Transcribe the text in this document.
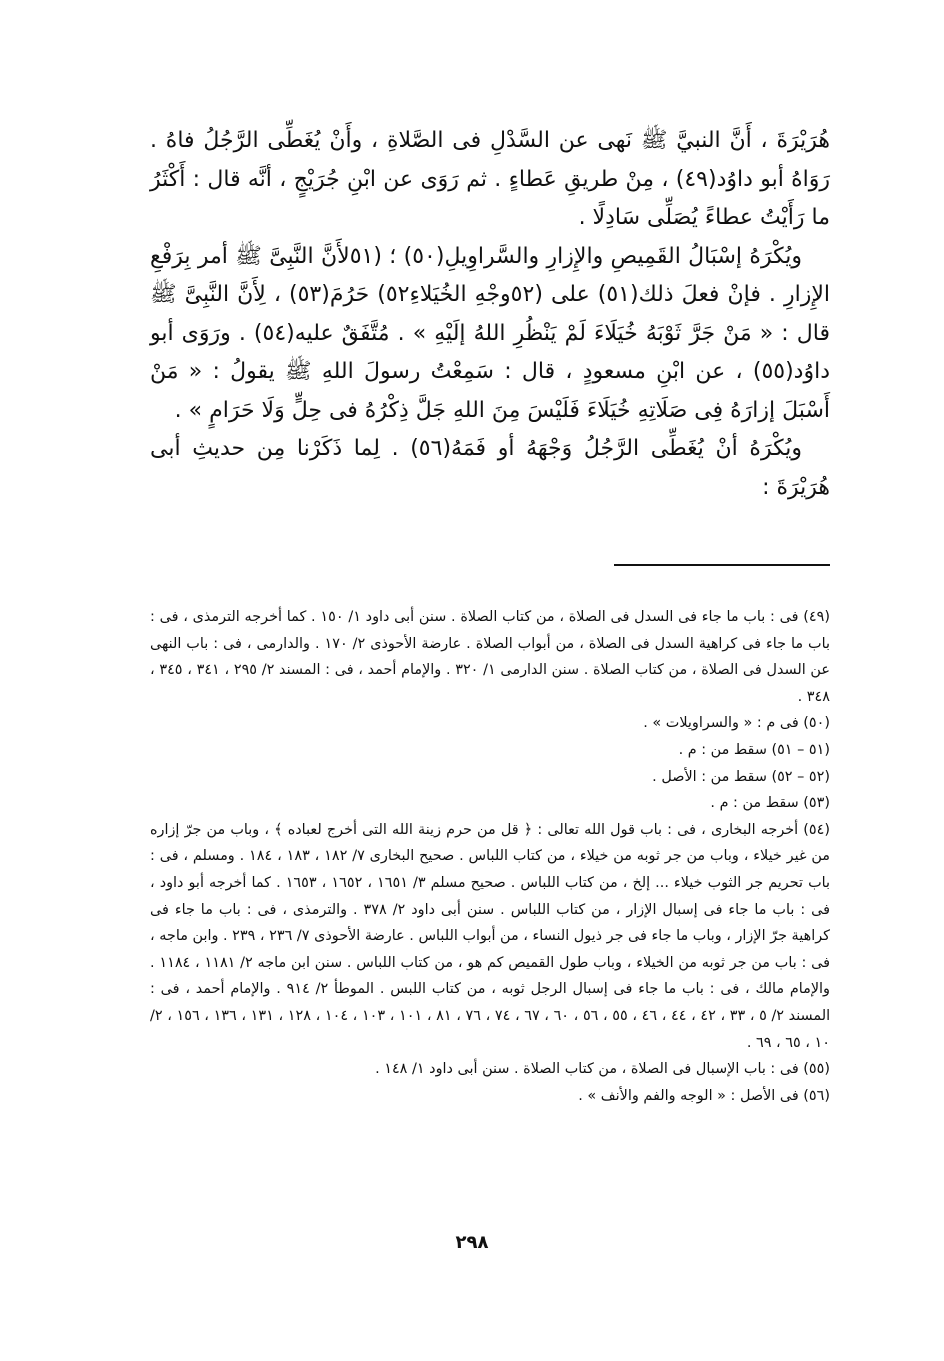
هُرَيْرَةَ ، أَنَّ النبيَّ ﷺ نَهى عن السَّدْلِ فى الصَّلاةِ ، وأَنْ يُغَطِّى الرَّجُلُ فاهُ . رَوَاهُ أبو داوُد(٤٩) ، مِنْ طريقِ عَطاءٍ . ثم رَوَى عن ابْنِ جُرَيْجٍ ، أنَّه قال : أَكْثَرُ ما رَأَيْتُ عطاءً يُصَلِّى سَادِلًا .

ويُكْرَهُ إسْبَالُ القَمِيصِ والإِزارِ والسَّراوِيلِ(٥٠) ؛ (٥١لأَنَّ النَّبِىَّ ﷺ أمر بِرَفْعِ الإِزارِ . فإنْ فعلَ ذلك(٥١) على (٥٢وجْهِ الخُيَلاءِ٥٢) حَرُمَ(٥٣) ، لِأَنَّ النَّبِىَّ ﷺ قال : « مَنْ جَرَّ ثَوْبَهُ خُيَلَاءَ لَمْ يَنْظُرِ اللهُ إلَيْهِ » . مُتَّفَقٌ عليه(٥٤) . ورَوَى أبو داوُد(٥٥) ، عن ابْنِ مسعودٍ ، قال : سَمِعْتُ رسولَ اللهِ ﷺ يقولُ : « مَنْ أَسْبَلَ إزارَهُ فِى صَلَاتِهِ خُيَلَاءَ فَلَيْسَ مِنَ اللهِ جَلَّ ذِكْرُهُ فى حِلٍّ وَلَا حَرَامٍ » .

ويُكْرَهُ أنْ يُغَطِّى الرَّجُلُ وَجْهَهُ أو فَمَهُ(٥٦) . لِما ذَكَرْنا مِن حديثِ أبى هُرَيْرَةَ :

(٤٩) فى : باب ما جاء فى السدل فى الصلاة ، من كتاب الصلاة . سنن أبى داود ١/ ١٥٠ . كما أخرجه الترمذى ، فى : باب ما جاء فى كراهية السدل فى الصلاة ، من أبواب الصلاة . عارضة الأحوذى ٢/ ١٧٠ . والدارمى ، فى : باب النهى عن السدل فى الصلاة ، من كتاب الصلاة . سنن الدارمى ١/ ٣٢٠ . والإمام أحمد ، فى : المسند ٢/ ٢٩٥ ، ٣٤١ ، ٣٤٥ ، ٣٤٨ .

(٥٠) فى م : « والسراويلات » .

(٥١ – ٥١) سقط من : م .

(٥٢ – ٥٢) سقط من : الأصل .

(٥٣) سقط من : م .

(٥٤) أخرجه البخارى ، فى : باب قول الله تعالى : ﴿ قل من حرم زينة الله التى أخرج لعباده ﴾ ، وباب من جرّ إزاره من غير خيلاء ، وباب من جر ثوبه من خيلاء ، من كتاب اللباس . صحيح البخارى ٧/ ١٨٢ ، ١٨٣ ، ١٨٤ . ومسلم ، فى : باب تحريم جر الثوب خيلاء ... إلخ ، من كتاب اللباس . صحيح مسلم ٣/ ١٦٥١ ، ١٦٥٢ ، ١٦٥٣ . كما أخرجه أبو داود ، فى : باب ما جاء فى إسبال الإزار ، من كتاب اللباس . سنن أبى داود ٢/ ٣٧٨ . والترمذى ، فى : باب ما جاء فى كراهية جرّ الإزار ، وباب ما جاء فى جر ذيول النساء ، من أبواب اللباس . عارضة الأحوذى ٧/ ٢٣٦ ، ٢٣٩ . وابن ماجه ، فى : باب من جر ثوبه من الخيلاء ، وباب طول القميص كم هو ، من كتاب اللباس . سنن ابن ماجه ٢/ ١١٨١ ، ١١٨٤ . والإمام مالك ، فى : باب ما جاء فى إسبال الرجل ثوبه ، من كتاب اللبس . الموطأ ٢/ ٩١٤ . والإمام أحمد ، فى : المسند ٢/ ٥ ، ٣٣ ، ٤٢ ، ٤٤ ، ٤٦ ، ٥٥ ، ٥٦ ، ٦٠ ، ٦٧ ، ٧٤ ، ٧٦ ، ٨١ ، ١٠١ ، ١٠٣ ، ١٠٤ ، ١٢٨ ، ١٣١ ، ١٣٦ ، ١٥٦ ، ٢/ ١٠ ، ٦٥ ، ٦٩ .

(٥٥) فى : باب الإسبال فى الصلاة ، من كتاب الصلاة . سنن أبى داود ١/ ١٤٨ .

(٥٦) فى الأصل : « الوجه والفم والأنف » .

٢٩٨
